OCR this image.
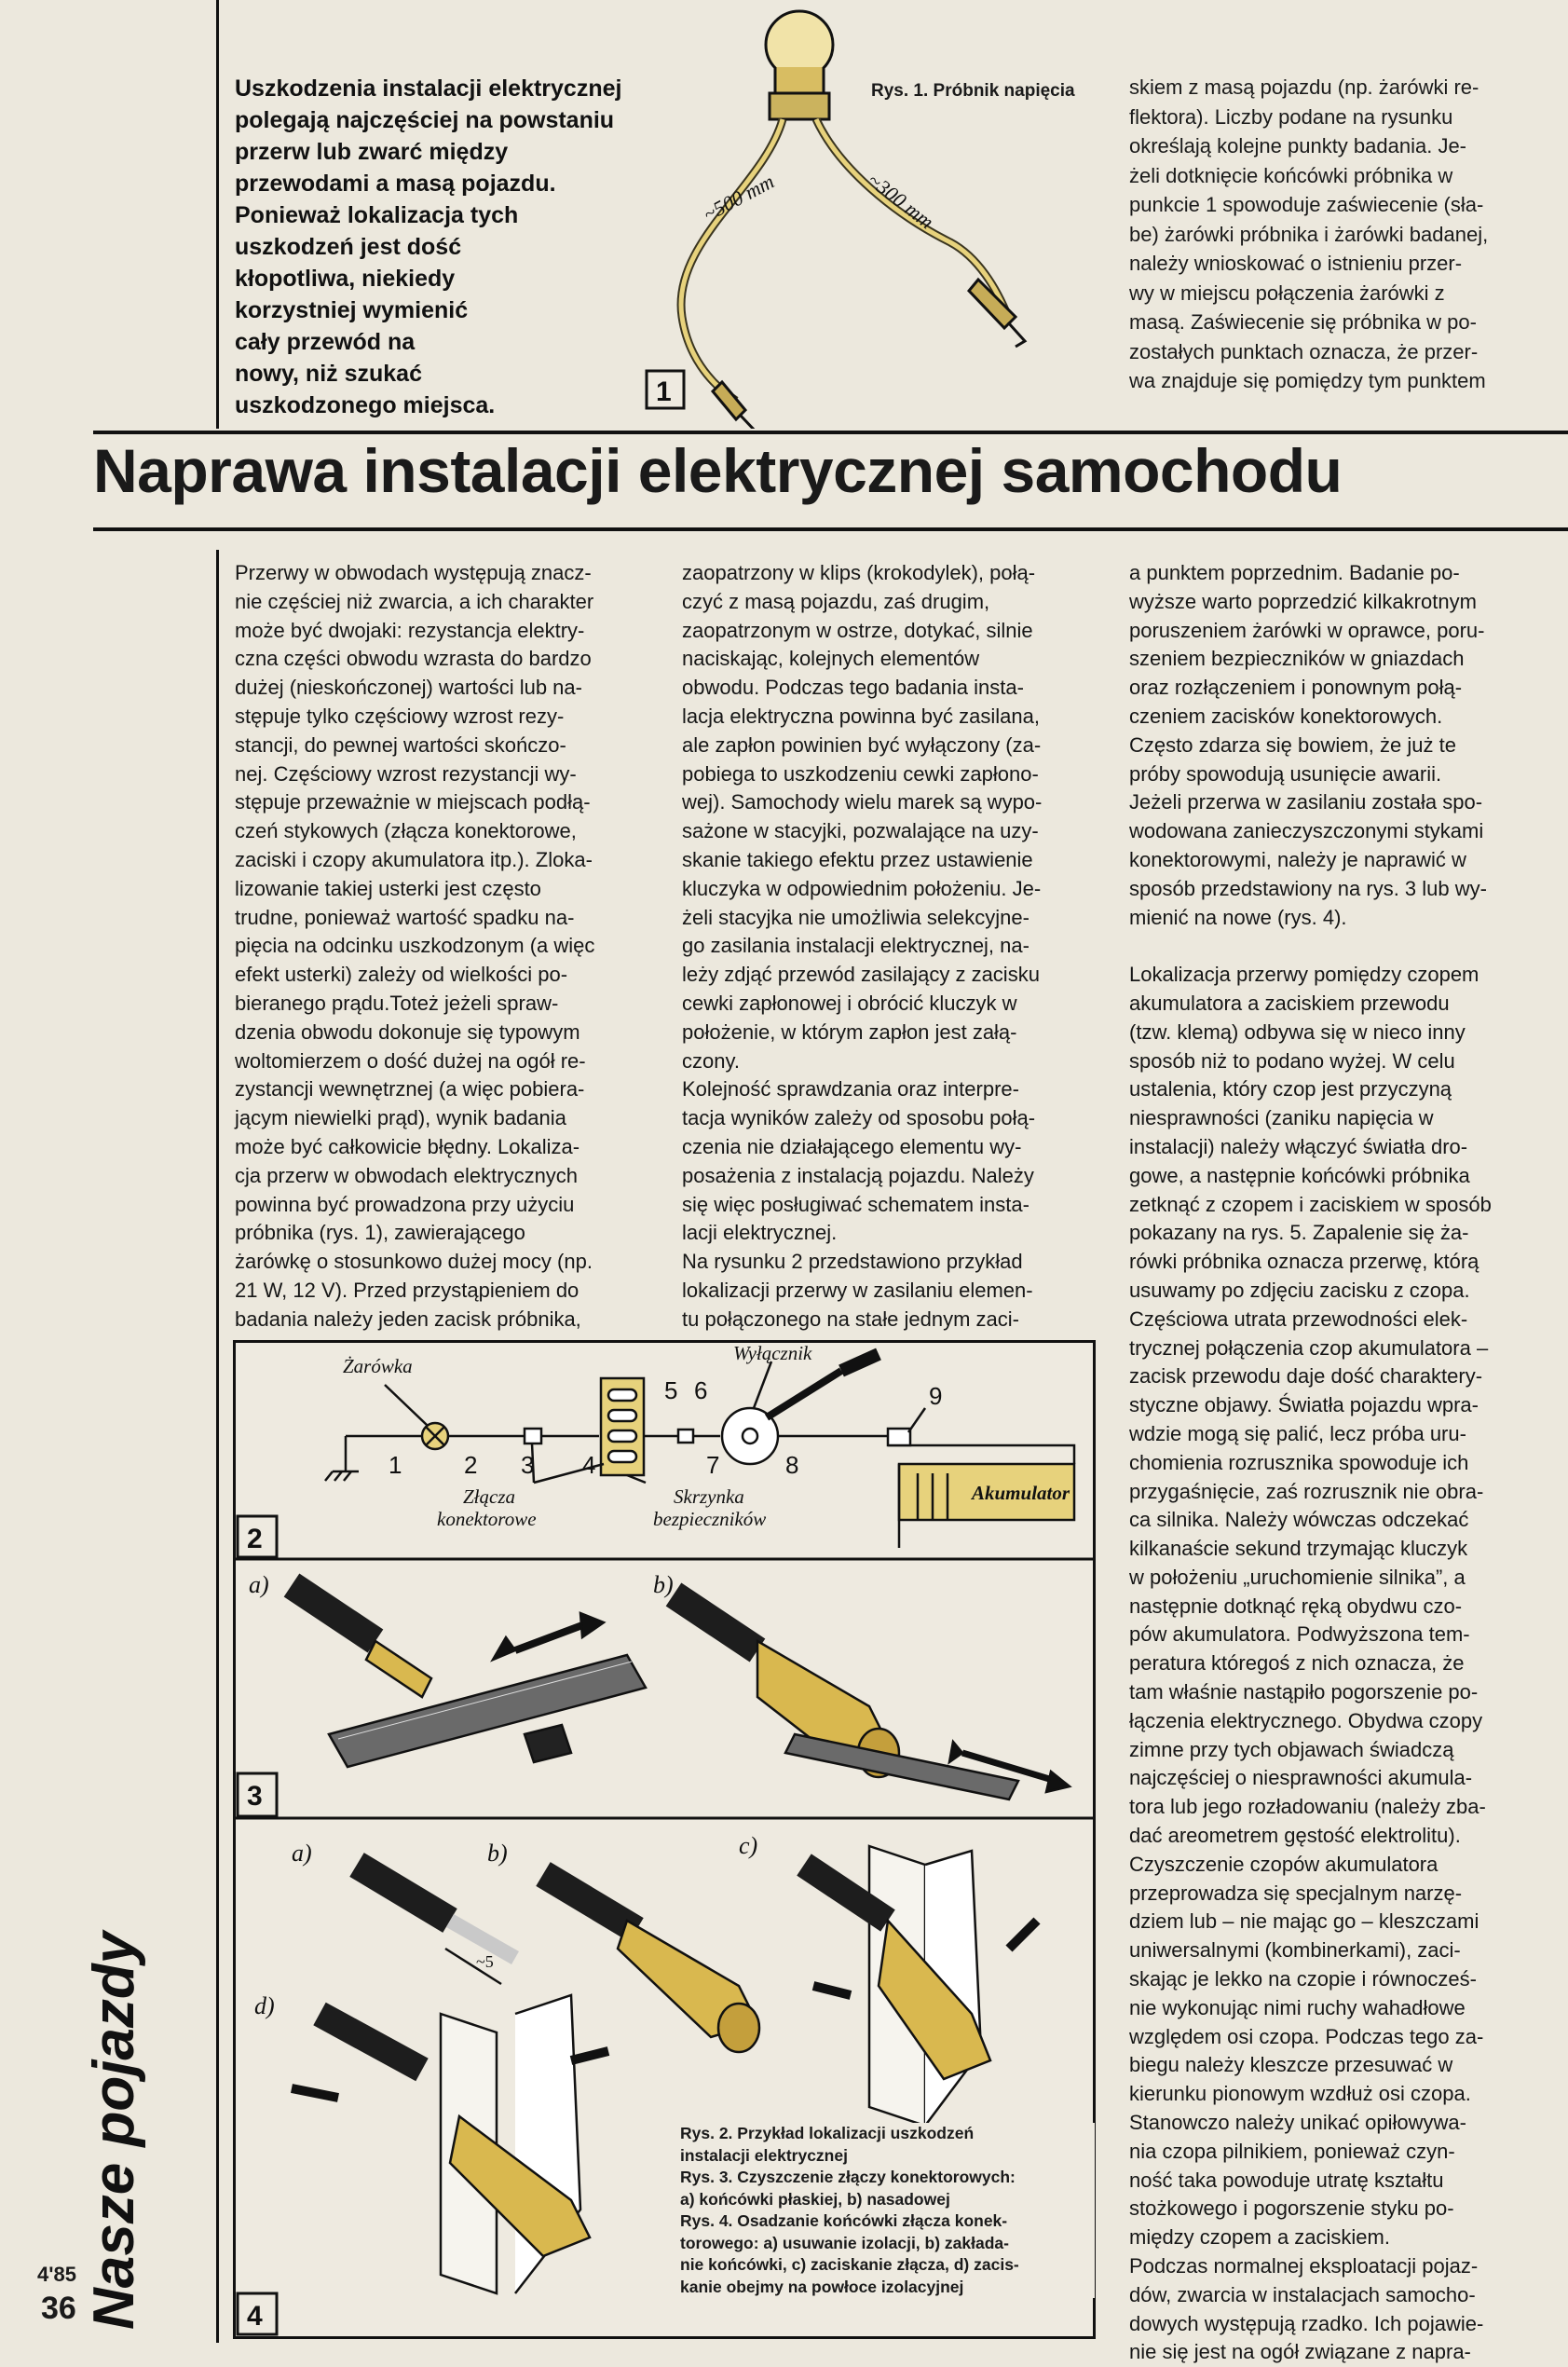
Uszkodzenia instalacji elektrycznej
polegają najczęściej na powstaniu
przerw lub zwarć między
przewodami a masą pojazdu.
Ponieważ lokalizacja tych
uszkodzeń jest dość
kłopotliwa, niekiedy
korzystniej wymienić
cały przewód na
nowy, niż szukać
uszkodzonego miejsca.
~500 mm	~300 mm
1
Rys. 1. Próbnik napięcia	skiem z masą pojazdu (np. żarówki re-
flektora). Liczby podane na rysunku
określają kolejne punkty badania. Je-
żeli dotknięcie końcówki próbnika w
punkcie 1 spowoduje zaświecenie (sła-
be) żarówki próbnika i żarówki badanej,
należy wnioskować o istnieniu przer-
wy w miejscu połączenia żarówki z
masą. Zaświecenie się próbnika w po-
zostałych punktach oznacza, że przer-
wa znajduje się pomiędzy tym punktem
Naprawa instalacji elektrycznej samochodu
Przerwy w obwodach występują znacz-
nie częściej niż zwarcia, a ich charakter
może być dwojaki: rezystancja elektry-
czna części obwodu wzrasta do bardzo
dużej (nieskończonej) wartości lub na-
stępuje tylko częściowy wzrost rezy-
stancji, do pewnej wartości skończo-
nej. Częściowy wzrost rezystancji wy-
stępuje przeważnie w miejscach podłą-
czeń stykowych (złącza konektorowe,
zaciski i czopy akumulatora itp.). Zloka-
lizowanie takiej usterki jest często
trudne, ponieważ wartość spadku na-
pięcia na odcinku uszkodzonym (a więc
efekt usterki) zależy od wielkości po-
bieranego prądu.Toteż jeżeli spraw-
dzenia obwodu dokonuje się typowym
woltomierzem o dość dużej na ogół re-
zystancji wewnętrznej (a więc pobiera-
jącym niewielki prąd), wynik badania
może być całkowicie błędny. Lokaliza-
cja przerw w obwodach elektrycznych
powinna być prowadzona przy użyciu
próbnika (rys. 1), zawierającego
żarówkę o stosunkowo dużej mocy (np.
21 W, 12 V). Przed przystąpieniem do
badania należy jeden zacisk próbnika,
zaopatrzony w klips (krokodylek), połą-
czyć z masą pojazdu, zaś drugim,
zaopatrzonym w ostrze, dotykać, silnie
naciskając, kolejnych elementów
obwodu. Podczas tego badania insta-
lacja elektryczna powinna być zasilana,
ale zapłon powinien być wyłączony (za-
pobiega to uszkodzeniu cewki zapłono-
wej). Samochody wielu marek są wypo-
sażone w stacyjki, pozwalające na uzy-
skanie takiego efektu przez ustawienie
kluczyka w odpowiednim położeniu. Je-
żeli stacyjka nie umożliwia selekcyjne-
go zasilania instalacji elektrycznej, na-
leży zdjąć przewód zasilający z zacisku
cewki zapłonowej i obrócić kluczyk w
położenie, w którym zapłon jest załą-
czony.
Kolejność sprawdzania oraz interpre-
tacja wyników zależy od sposobu połą-
czenia nie działającego elementu wy-
posażenia z instalacją pojazdu. Należy
się więc posługiwać schematem insta-
lacji elektrycznej.
Na rysunku 2 przedstawiono przykład
lokalizacji przerwy w zasilaniu elemen-
tu połączonego na stałe jednym zaci-
a punktem poprzednim. Badanie po-
wyższe warto poprzedzić kilkakrotnym
poruszeniem żarówki w oprawce, poru-
szeniem bezpieczników w gniazdach
oraz rozłączeniem i ponownym połą-
czeniem zacisków konektorowych.
Często zdarza się bowiem, że już te
próby spowodują usunięcie awarii.
Jeżeli przerwa w zasilaniu została spo-
wodowana zanieczyszczonymi stykami
konektorowymi, należy je naprawić w
sposób przedstawiony na rys. 3 lub wy-
mienić na nowe (rys. 4).

Lokalizacja przerwy pomiędzy czopem
akumulatora a zaciskiem przewodu
(tzw. klemą) odbywa się w nieco inny
sposób niż to podano wyżej. W celu
ustalenia, który czop jest przyczyną
niesprawności (zaniku napięcia w
instalacji) należy włączyć światła dro-
gowe, a następnie końcówki próbnika
zetknąć z czopem i zaciskiem w sposób
pokazany na rys. 5. Zapalenie się ża-
rówki próbnika oznacza przerwę, którą
usuwamy po zdjęciu zacisku z czopa.
Częściowa utrata przewodności elek-
trycznej połączenia czop akumulatora –
zacisk przewodu daje dość charaktery-
styczne objawy. Światła pojazdu wpra-
wdzie mogą się palić, lecz próba uru-
chomienia rozrusznika spowoduje ich
przygaśnięcie, zaś rozrusznik nie obra-
ca silnika. Należy wówczas odczekać
kilkanaście sekund trzymając kluczyk
w położeniu „uruchomienie silnika”, a
następnie dotknąć ręką obydwu czo-
pów akumulatora. Podwyższona tem-
peratura któregoś z nich oznacza, że
tam właśnie nastąpiło pogorszenie po-
łączenia elektrycznego. Obydwa czopy
zimne przy tych objawach świadczą
najczęściej o niesprawności akumula-
tora lub jego rozładowaniu (należy zba-
dać areometrem gęstość elektrolitu).
Czyszczenie czopów akumulatora
przeprowadza się specjalnym narzę-
dziem lub – nie mając go – kleszczami
uniwersalnymi (kombinerkami), zaci-
skając je lekko na czopie i równocześ-
nie wykonując nimi ruchy wahadłowe
względem osi czopa. Podczas tego za-
biegu należy kleszcze przesuwać w
kierunku pionowym wzdłuż osi czopa.
Stanowczo należy unikać opiłowywa-
nia czopa pilnikiem, ponieważ czyn-
ność taka powoduje utratę kształtu
stożkowego i pogorszenie styku po-
między czopem a zaciskiem.
Podczas normalnej eksploatacji pojaz-
dów, zwarcia w instalacjach samocho-
dowych występują rzadko. Ich pojawie-
nie się jest na ogół związane z napra-
Żarówka
Wyłącznik
Złącza
konektorowe
Skrzynka
bezpieczników
Akumulator
1	2 3 4
5 6
7	8
9
2
a)	b)
3
a)	b)	c)
d)
~5
4
Rys. 2. Przykład lokalizacji uszkodzeń
instalacji elektrycznej
Rys. 3. Czyszczenie złączy konektorowych:
a) końcówki płaskiej, b) nasadowej
Rys. 4. Osadzanie końcówki złącza konek-
torowego: a) usuwanie izolacji, b) zakłada-
nie końcówki, c) zaciskanie złącza, d) zacis-
kanie obejmy na powłoce izolacyjnej
Nasze pojazdy
4'85
36
